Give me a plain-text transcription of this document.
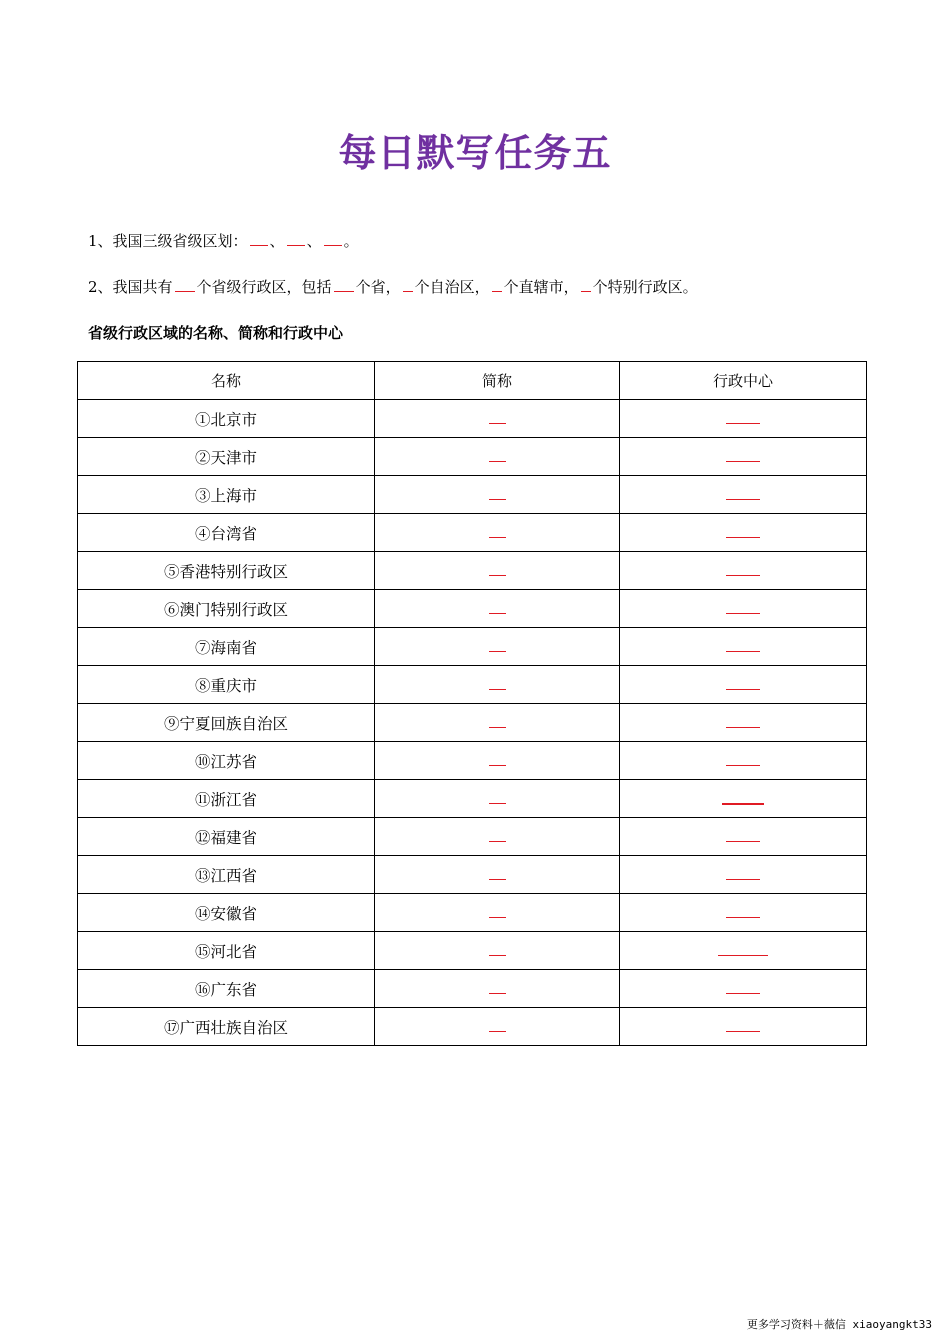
每日默写任务五
1、我国三级省级区划： 、 、 。
2、我国共有 个省级行政区，包括 个省， 个自治区， 个直辖市， 个特别行政区。
省级行政区域的名称、简称和行政中心
名称	简称	行政中心
①北京市		
②天津市		
③上海市		
④台湾省		
⑤香港特别行政区		
⑥澳门特别行政区		
⑦海南省		
⑧重庆市		
⑨宁夏回族自治区		
⑩江苏省		
⑪浙江省		
⑫福建省		
⑬江西省		
⑭安徽省		
⑮河北省		
⑯广东省		
⑰广西壮族自治区		
更多学习资料＋薇信 xiaoyangkt33
